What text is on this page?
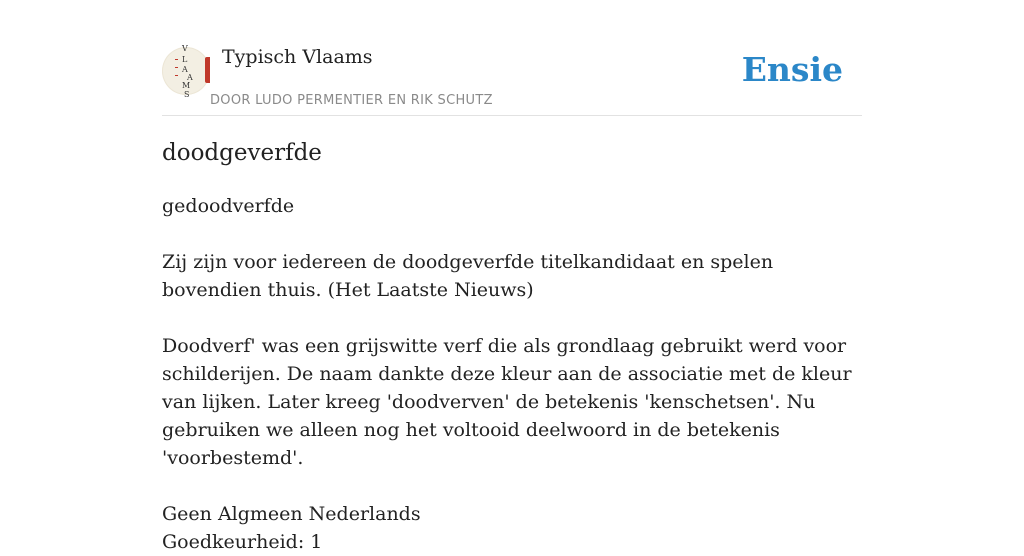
V
L
A
A
M
S
Typisch Vlaams
DOOR LUDO PERMENTIER EN RIK SCHUTZ
Ensie
doodgeverfde

gedoodverfde

Zij zijn voor iedereen de doodgeverfde titelkandidaat en spelen bovendien thuis. (Het Laatste Nieuws)

Doodverf' was een grijswitte verf die als grondlaag gebruikt werd voor schilderijen. De naam dankte deze kleur aan de associatie met de kleur van lijken. Later kreeg 'doodverven' de betekenis 'kenschetsen'. Nu gebruiken we alleen nog het voltooid deelwoord in de betekenis 'voorbestemd'.

Geen Algmeen Nederlands

Goedkeurheid: 1
